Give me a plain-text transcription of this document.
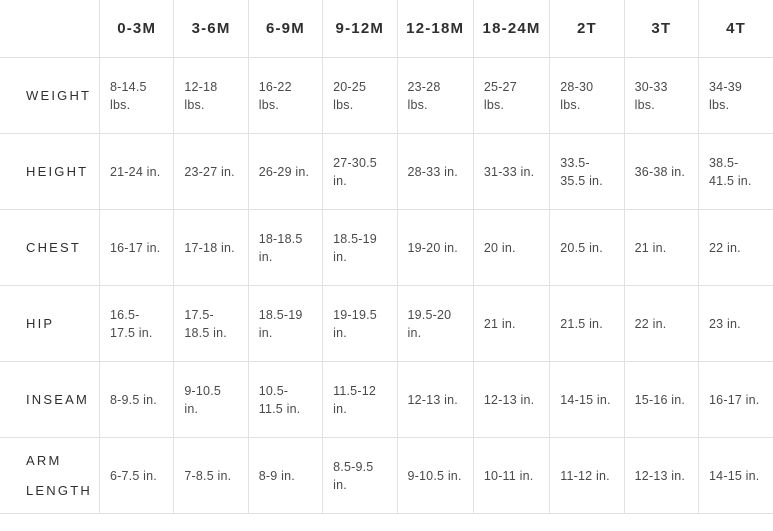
	0-3M	3-6M	6-9M	9-12M	12-18M	18-24M	2T	3T	4T
WEIGHT	8-14.5 lbs.	12-18 lbs.	16-22 lbs.	20-25 lbs.	23-28 lbs.	25-27 lbs.	28-30 lbs.	30-33 lbs.	34-39 lbs.
HEIGHT	21-24 in.	23-27 in.	26-29 in.	27-30.5 in.	28-33 in.	31-33 in.	33.5-35.5 in.	36-38 in.	38.5-41.5 in.
CHEST	16-17 in.	17-18 in.	18-18.5 in.	18.5-19 in.	19-20 in.	20 in.	20.5 in.	21 in.	22 in.
HIP	16.5-17.5 in.	17.5-18.5 in.	18.5-19 in.	19-19.5 in.	19.5-20 in.	21 in.	21.5 in.	22 in.	23 in.
INSEAM	8-9.5 in.	9-10.5 in.	10.5-11.5 in.	11.5-12 in.	12-13 in.	12-13 in.	14-15 in.	15-16 in.	16-17 in.
ARM LENGTH	6-7.5 in.	7-8.5 in.	8-9 in.	8.5-9.5 in.	9-10.5 in.	10-11 in.	11-12 in.	12-13 in.	14-15 in.
